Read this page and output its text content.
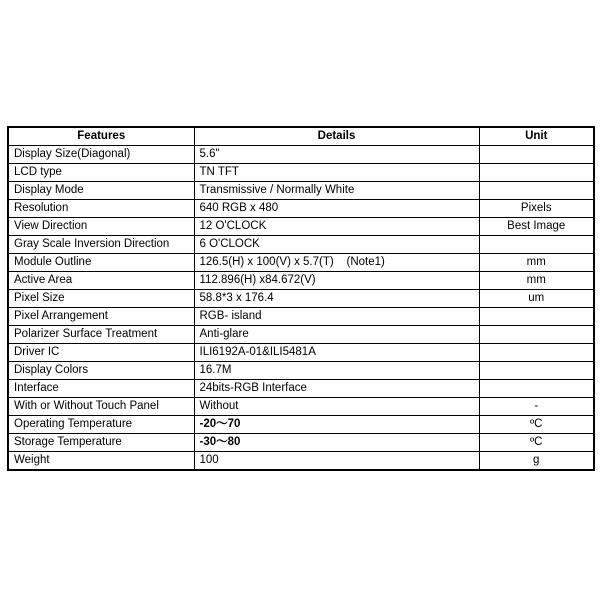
Features	Details	Unit
Display Size(Diagonal)	5.6"	
LCD type	TN TFT	
Display Mode	Transmissive / Normally White	
Resolution	640 RGB x 480	Pixels
View Direction	12 O'CLOCK	Best Image
Gray Scale Inversion Direction	6 O'CLOCK	
Module Outline	126.5(H) x 100(V) x 5.7(T)    (Note1)	mm
Active Area	112.896(H) x84.672(V)	mm
Pixel Size	58.8*3 x 176.4	um
Pixel Arrangement	RGB- island	
Polarizer Surface Treatment	Anti-glare	
Driver IC	ILI6192A-01&ILI5481A	
Display Colors	16.7M	
Interface	24bits-RGB Interface	
With or Without Touch Panel	Without	-
Operating Temperature	-20～70	ºC
Storage Temperature	-30～80	ºC
Weight	100	g
